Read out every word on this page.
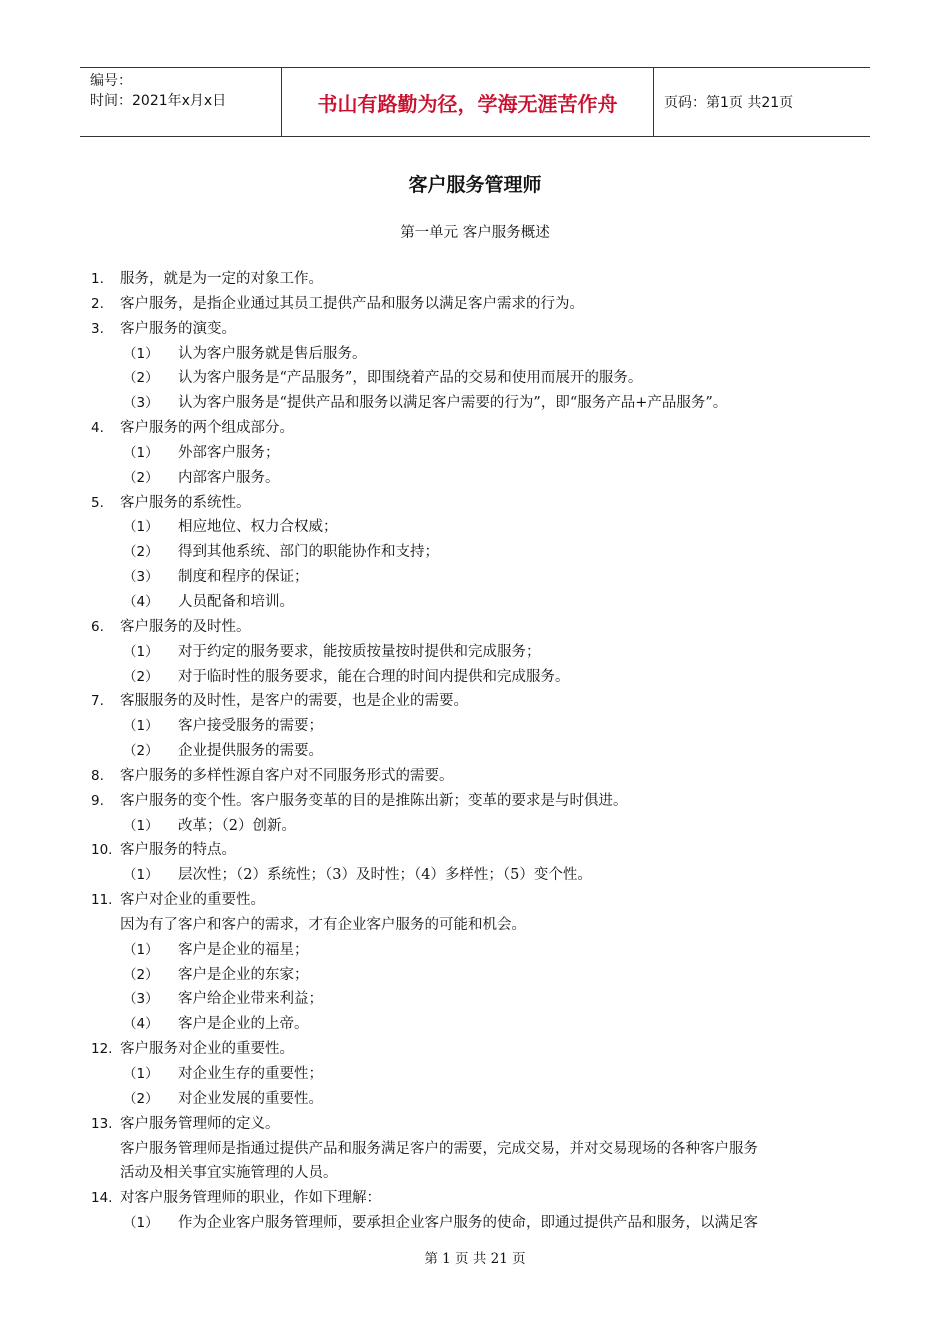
编号：
时间：2021年x月x日	书山有路勤为径，学海无涯苦作舟	页码：第1页 共21页
客户服务管理师
第一单元 客户服务概述
1. 服务，就是为一定的对象工作。
2. 客户服务，是指企业通过其员工提供产品和服务以满足客户需求的行为。
3. 客户服务的演变。
（1） 认为客户服务就是售后服务。
（2） 认为客户服务是“产品服务”，即围绕着产品的交易和使用而展开的服务。
（3） 认为客户服务是“提供产品和服务以满足客户需要的行为”，即“服务产品+产品服务”。
4. 客户服务的两个组成部分。
（1） 外部客户服务；
（2） 内部客户服务。
5. 客户服务的系统性。
（1） 相应地位、权力合权威；
（2） 得到其他系统、部门的职能协作和支持；
（3） 制度和程序的保证；
（4） 人员配备和培训。
6. 客户服务的及时性。
（1） 对于约定的服务要求，能按质按量按时提供和完成服务；
（2） 对于临时性的服务要求，能在合理的时间内提供和完成服务。
7. 客服服务的及时性，是客户的需要，也是企业的需要。
（1） 客户接受服务的需要；
（2） 企业提供服务的需要。
8. 客户服务的多样性源自客户对不同服务形式的需要。
9. 客户服务的变个性。客户服务变革的目的是推陈出新；变革的要求是与时俱进。
（1） 改革；（2）创新。
10. 客户服务的特点。
（1） 层次性；（2）系统性；（3）及时性；（4）多样性；（5）变个性。
11. 客户对企业的重要性。
因为有了客户和客户的需求，才有企业客户服务的可能和机会。
（1） 客户是企业的福星；
（2） 客户是企业的东家；
（3） 客户给企业带来利益；
（4） 客户是企业的上帝。
12. 客户服务对企业的重要性。
（1） 对企业生存的重要性；
（2） 对企业发展的重要性。
13. 客户服务管理师的定义。
客户服务管理师是指通过提供产品和服务满足客户的需要，完成交易，并对交易现场的各种客户服务
活动及相关事宜实施管理的人员。
14. 对客户服务管理师的职业，作如下理解：
（1） 作为企业客户服务管理师，要承担企业客户服务的使命，即通过提供产品和服务，以满足客
第 1 页 共 21 页
